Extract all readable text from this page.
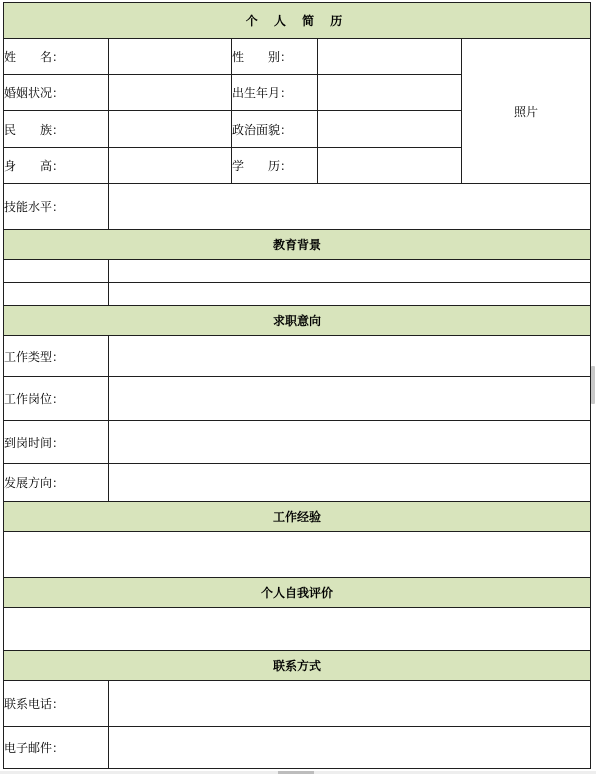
个 人 简 历				
姓　　名：		性　　别：		照片
婚姻状况：		出生年月：		
民　　族：		政治面貌：		
身　　高：		学　　历：		
技能水平：				
教育背景				

求职意向				
工作类型：				
工作岗位：				
到岗时间：				
发展方向：				
工作经验				

个人自我评价				

联系方式				
联系电话：				
电子邮件：				
